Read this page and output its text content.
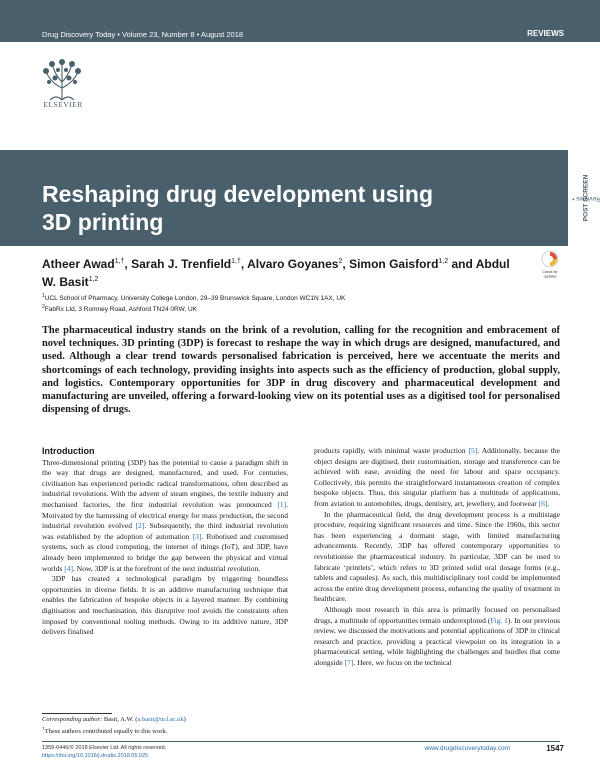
Drug Discovery Today • Volume 23, Number 8 • August 2018	REVIEWS
ELSEVIER
Reshaping drug development using
3D printing
Reviews •
POST SCREEN
Atheer Awad$^{1,\dagger}$, Sarah J. Trenfield$^{1,\dagger}$, Alvaro Goyanes$^2$, Simon Gaisford$^{1,2}$ and Abdul W. Basit$^{1,2}$
Check for
updates
$^1$UCL School of Pharmacy, University College London, 29–39 Brunswick Square, London WC1N 1AX, UK
$^2$FabRx Ltd, 3 Romney Road, Ashford TN24 0RW, UK

The pharmaceutical industry stands on the brink of a revolution, calling for the recognition and embracement of novel techniques. 3D printing (3DP) is forecast to reshape the way in which drugs are designed, manufactured, and used. Although a clear trend towards personalised fabrication is perceived, here we accentuate the merits and shortcomings of each technology, providing insights into aspects such as the efficiency of production, global supply, and logistics. Contemporary opportunities for 3DP in drug discovery and pharmaceutical development and manufacturing are unveiled, offering a forward-looking view on its potential uses as a digitised tool for personalised dispensing of drugs.

Introduction

Three-dimensional printing (3DP) has the potential to cause a paradigm shift in the way that drugs are designed, manufactured, and used. For centuries, civilisation has experienced periodic radical transformations, often described as industrial revolutions. With the advent of steam engines, the textile industry and mechanised factories, the first industrial revolution was pronounced [1]. Motivated by the harnessing of electrical energy for mass production, the second industrial revolution evolved [2]. Subsequently, the third industrial revolution was established by the adoption of automation [3]. Robotised and customised systems, such as cloud computing, the internet of things (IoT), and 3DP, have already been implemented to bridge the gap between the physical and virtual worlds [4]. Now, 3DP is at the forefront of the next industrial revolution.

3DP has created a technological paradigm by triggering boundless opportunities in diverse fields. It is an additive manufacturing technique that enables the fabrication of bespoke objects in a layered manner. By combining digitisation and mechanisation, this disruptive tool avoids the constraints often imposed by conventional tooling methods. Owing to its additive nature, 3DP delivers finalised

products rapidly, with minimal waste production [5]. Additionally, because the object designs are digitised, their customisation, storage and transference can be achieved with ease, avoiding the need for labour and space occupancy. Collectively, this permits the straightforward instantaneous creation of complex bespoke objects. Thus, this singular platform has a multitude of applications, from aviation to automobiles, drugs, dentistry, art, jewellery, and footwear [6].

In the pharmaceutical field, the drug development process is a multistage procedure, requiring significant resources and time. Since the 1960s, this sector has been experiencing a dormant stage, with limited manufacturing advancements. Recently, 3DP has offered contemporary opportunities to revolutionise the pharmaceutical industry. In particular, 3DP can be used to fabricate ‘printlets’, which refers to 3D printed solid oral dosage forms (e.g., tablets and capsules). As such, this multidisciplinary tool could be implemented across the entire drug development process, enhancing the quality of treatment in healthcare.

Although most research in this area is primarily focused on personalised drugs, a multitude of opportunities remain underexplored (Fig. 1). In our previous review, we discussed the motivations and potential applications of 3DP in clinical research and practice, providing a practical viewpoint on its integration in a pharmaceutical setting, while highlighting the challenges and hurdles that come alongside [7]. Here, we focus on the technical

Corresponding author: Basit, A.W. (a.basit@ucl.ac.uk)
†These authors contributed equally to this work.
1359-6446/© 2018 Elsevier Ltd. All rights reserved.
https://doi.org/10.1016/j.drudis.2018.05.025
www.drugdiscoverytoday.com	1547
